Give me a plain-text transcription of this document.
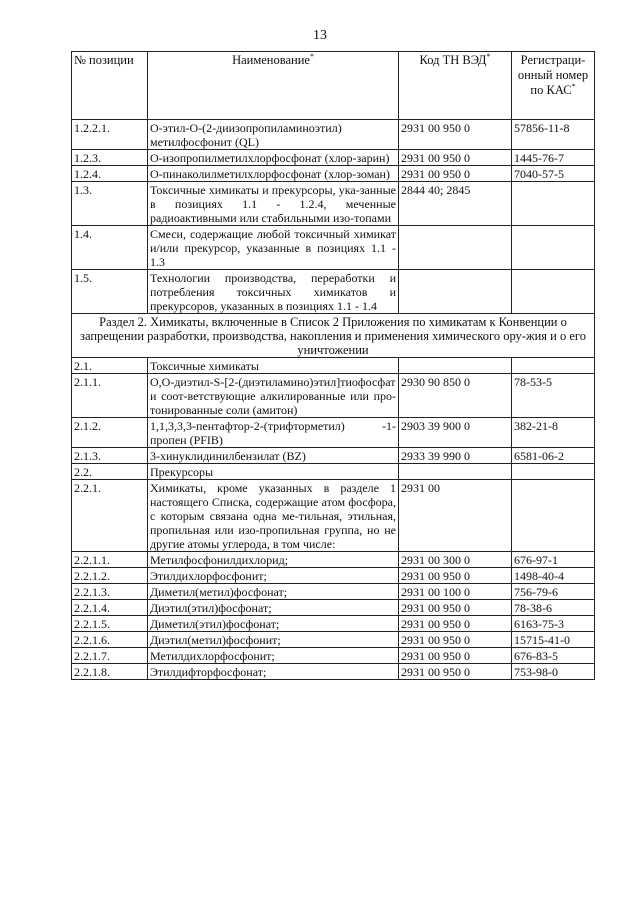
13
№ позиции	Наименование*	Код ТН ВЭД*	Регистраци- онный номер по КАС*
1.2.2.1.	О-этил-О-(2-диизопропиламиноэтил) метилфосфонит (QL)	2931 00 950 0	57856-11-8
1.2.3.	О-изопропилметилхлорфосфонат (хлор-зарин)	2931 00 950 0	1445-76-7
1.2.4.	О-пинаколилметилхлорфосфонат (хлор-зоман)	2931 00 950 0	7040-57-5
1.3.	Токсичные химикаты и прекурсоры, ука-занные в позициях 1.1 - 1.2.4, меченные радиоактивными или стабильными изо-топами	2844 40; 2845	
1.4.	Смеси, содержащие любой токсичный химикат и/или прекурсор, указанные в позициях 1.1 - 1.3		
1.5.	Технологии производства, переработки и потребления токсичных химикатов и прекурсоров, указанных в позициях 1.1 - 1.4		
Раздел 2. Химикаты, включенные в Список 2 Приложения по химикатам к Конвенции о запрещении разработки, производства, накопления и применения химического ору-жия и о его уничтожении			
2.1.	Токсичные химикаты		
2.1.1.	О,О-диэтил-S-[2-(диэтиламино)этил]тиофосфат и соот-ветствующие алкилированные или про-тонированные соли (амитон)	2930 90 850 0	78-53-5
2.1.2.	1,1,3,3,3-пентафтор-2-(трифторметил) -1-пропен (PFIB)	2903 39 900 0	382-21-8
2.1.3.	3-хинуклидинилбензилат (BZ)	2933 39 990 0	6581-06-2
2.2.	Прекурсоры		
2.2.1.	Химикаты, кроме указанных в разделе 1 настоящего Списка, содержащие атом фосфора, с которым связана одна ме-тильная, этильная, пропильная или изо-пропильная группа, но не другие атомы углерода, в том числе:	2931 00	
2.2.1.1.	Метилфосфонилдихлорид;	2931 00 300 0	676-97-1
2.2.1.2.	Этилдихлорфосфонит;	2931 00 950 0	1498-40-4
2.2.1.3.	Диметил(метил)фосфонат;	2931 00 100 0	756-79-6
2.2.1.4.	Диэтил(этил)фосфонат;	2931 00 950 0	78-38-6
2.2.1.5.	Диметил(этил)фосфонат;	2931 00 950 0	6163-75-3
2.2.1.6.	Диэтил(метил)фосфонит;	2931 00 950 0	15715-41-0
2.2.1.7.	Метилдихлорфосфонит;	2931 00 950 0	676-83-5
2.2.1.8.	Этилдифторфосфонат;	2931 00 950 0	753-98-0
